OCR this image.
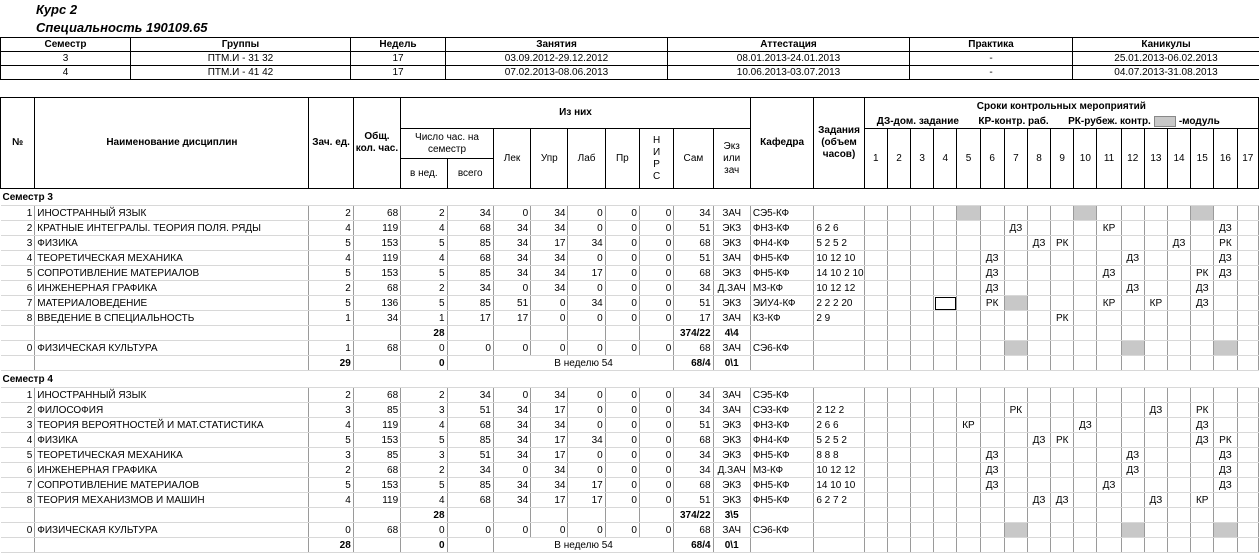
Курс 2
Специальность 190109.65
Семестр	Группы	Недель	Занятия	Аттестация	Практика	Каникулы
3	ПТМ.И - 31 32	17	03.09.2012-29.12.2012	08.01.2013-24.01.2013	-	25.01.2013-06.02.2013
4	ПТМ.И - 41 42	17	07.02.2013-08.06.2013	10.06.2013-03.07.2013	-	04.07.2013-31.08.2013
№	Наименование дисциплин	Зач. ед.	Общ. кол. час.	Из них									Кафедра	Задания (объем часов)	Сроки контрольных мероприятий
ДЗ-дом. задание КР-контр. раб. РК-рубеж. контр. -модуль																

				Число час. на семестр		Лек	Упр	Лаб	Пр	Н И Р С	Сам	Экз или зач			1	2	3	4	5	6	7	8	9	10	11	12	13	14	15	16	17
				в нед.	всего																										

Семестр 3																															
1	ИНОСТРАННЫЙ ЯЗЫК	2	68	2	34	0	34	0	0	0	34	ЗАЧ	СЭ5-КФ																		
2	КРАТНЫЕ ИНТЕГРАЛЫ. ТЕОРИЯ ПОЛЯ. РЯДЫ	4	119	4	68	34	34	0	0	0	51	ЭКЗ	ФН3-КФ	6 2 6							ДЗ				КР					ДЗ	
3	ФИЗИКА	5	153	5	85	34	17	34	0	0	68	ЭКЗ	ФН4-КФ	5 2 5 2								ДЗ	РК					ДЗ		РК	
4	ТЕОРЕТИЧЕСКАЯ МЕХАНИКА	4	119	4	68	34	34	0	0	0	51	ЗАЧ	ФН5-КФ	10 12 10						ДЗ						ДЗ				ДЗ	
5	СОПРОТИВЛЕНИЕ МАТЕРИАЛОВ	5	153	5	85	34	34	17	0	0	68	ЭКЗ	ФН5-КФ	14 10 2 10						ДЗ					ДЗ				РК	ДЗ	
6	ИНЖЕНЕРНАЯ ГРАФИКА	2	68	2	34	0	34	0	0	0	34	Д.ЗАЧ	М3-КФ	10 12 12						ДЗ						ДЗ			ДЗ		
7	МАТЕРИАЛОВЕДЕНИЕ	5	136	5	85	51	0	34	0	0	51	ЭКЗ	ЭИУ4-КФ	2 2 2 20						РК					КР		КР		ДЗ		
8	ВВЕДЕНИЕ В СПЕЦИАЛЬНОСТЬ	1	34	1	17	17	0	0	0	0	17	ЗАЧ	К3-КФ	2 9									РК								
				28							374/22	4\4																			
0	ФИЗИЧЕСКАЯ КУЛЬТУРА	1	68	0	0	0	0	0	0	0	68	ЗАЧ	СЭ6-КФ																		
		29		0		В неделю 54					68/4	0\1																			
Семестр 4																															
1	ИНОСТРАННЫЙ ЯЗЫК	2	68	2	34	0	34	0	0	0	34	ЗАЧ	СЭ5-КФ																		
2	ФИЛОСОФИЯ	3	85	3	51	34	17	0	0	0	34	ЗАЧ	СЭ3-КФ	2 12 2							РК						ДЗ		РК		
3	ТЕОРИЯ ВЕРОЯТНОСТЕЙ И МАТ.СТАТИСТИКА	4	119	4	68	34	34	0	0	0	51	ЭКЗ	ФН3-КФ	2 6 6					КР					ДЗ					ДЗ		
4	ФИЗИКА	5	153	5	85	34	17	34	0	0	68	ЭКЗ	ФН4-КФ	5 2 5 2								ДЗ	РК						ДЗ	РК	
5	ТЕОРЕТИЧЕСКАЯ МЕХАНИКА	3	85	3	51	34	17	0	0	0	34	ЭКЗ	ФН5-КФ	8 8 8						ДЗ						ДЗ				ДЗ	
6	ИНЖЕНЕРНАЯ ГРАФИКА	2	68	2	34	0	34	0	0	0	34	Д.ЗАЧ	М3-КФ	10 12 12						ДЗ						ДЗ				ДЗ	
7	СОПРОТИВЛЕНИЕ МАТЕРИАЛОВ	5	153	5	85	34	34	17	0	0	68	ЭКЗ	ФН5-КФ	14 10 10						ДЗ					ДЗ					ДЗ	
8	ТЕОРИЯ МЕХАНИЗМОВ И МАШИН	4	119	4	68	34	17	17	0	0	51	ЭКЗ	ФН5-КФ	6 2 7 2								ДЗ	ДЗ				ДЗ		КР		
				28							374/22	3\5																			
0	ФИЗИЧЕСКАЯ КУЛЬТУРА	0	68	0	0	0	0	0	0	0	68	ЗАЧ	СЭ6-КФ																		
		28		0		В неделю 54					68/4	0\1																			
